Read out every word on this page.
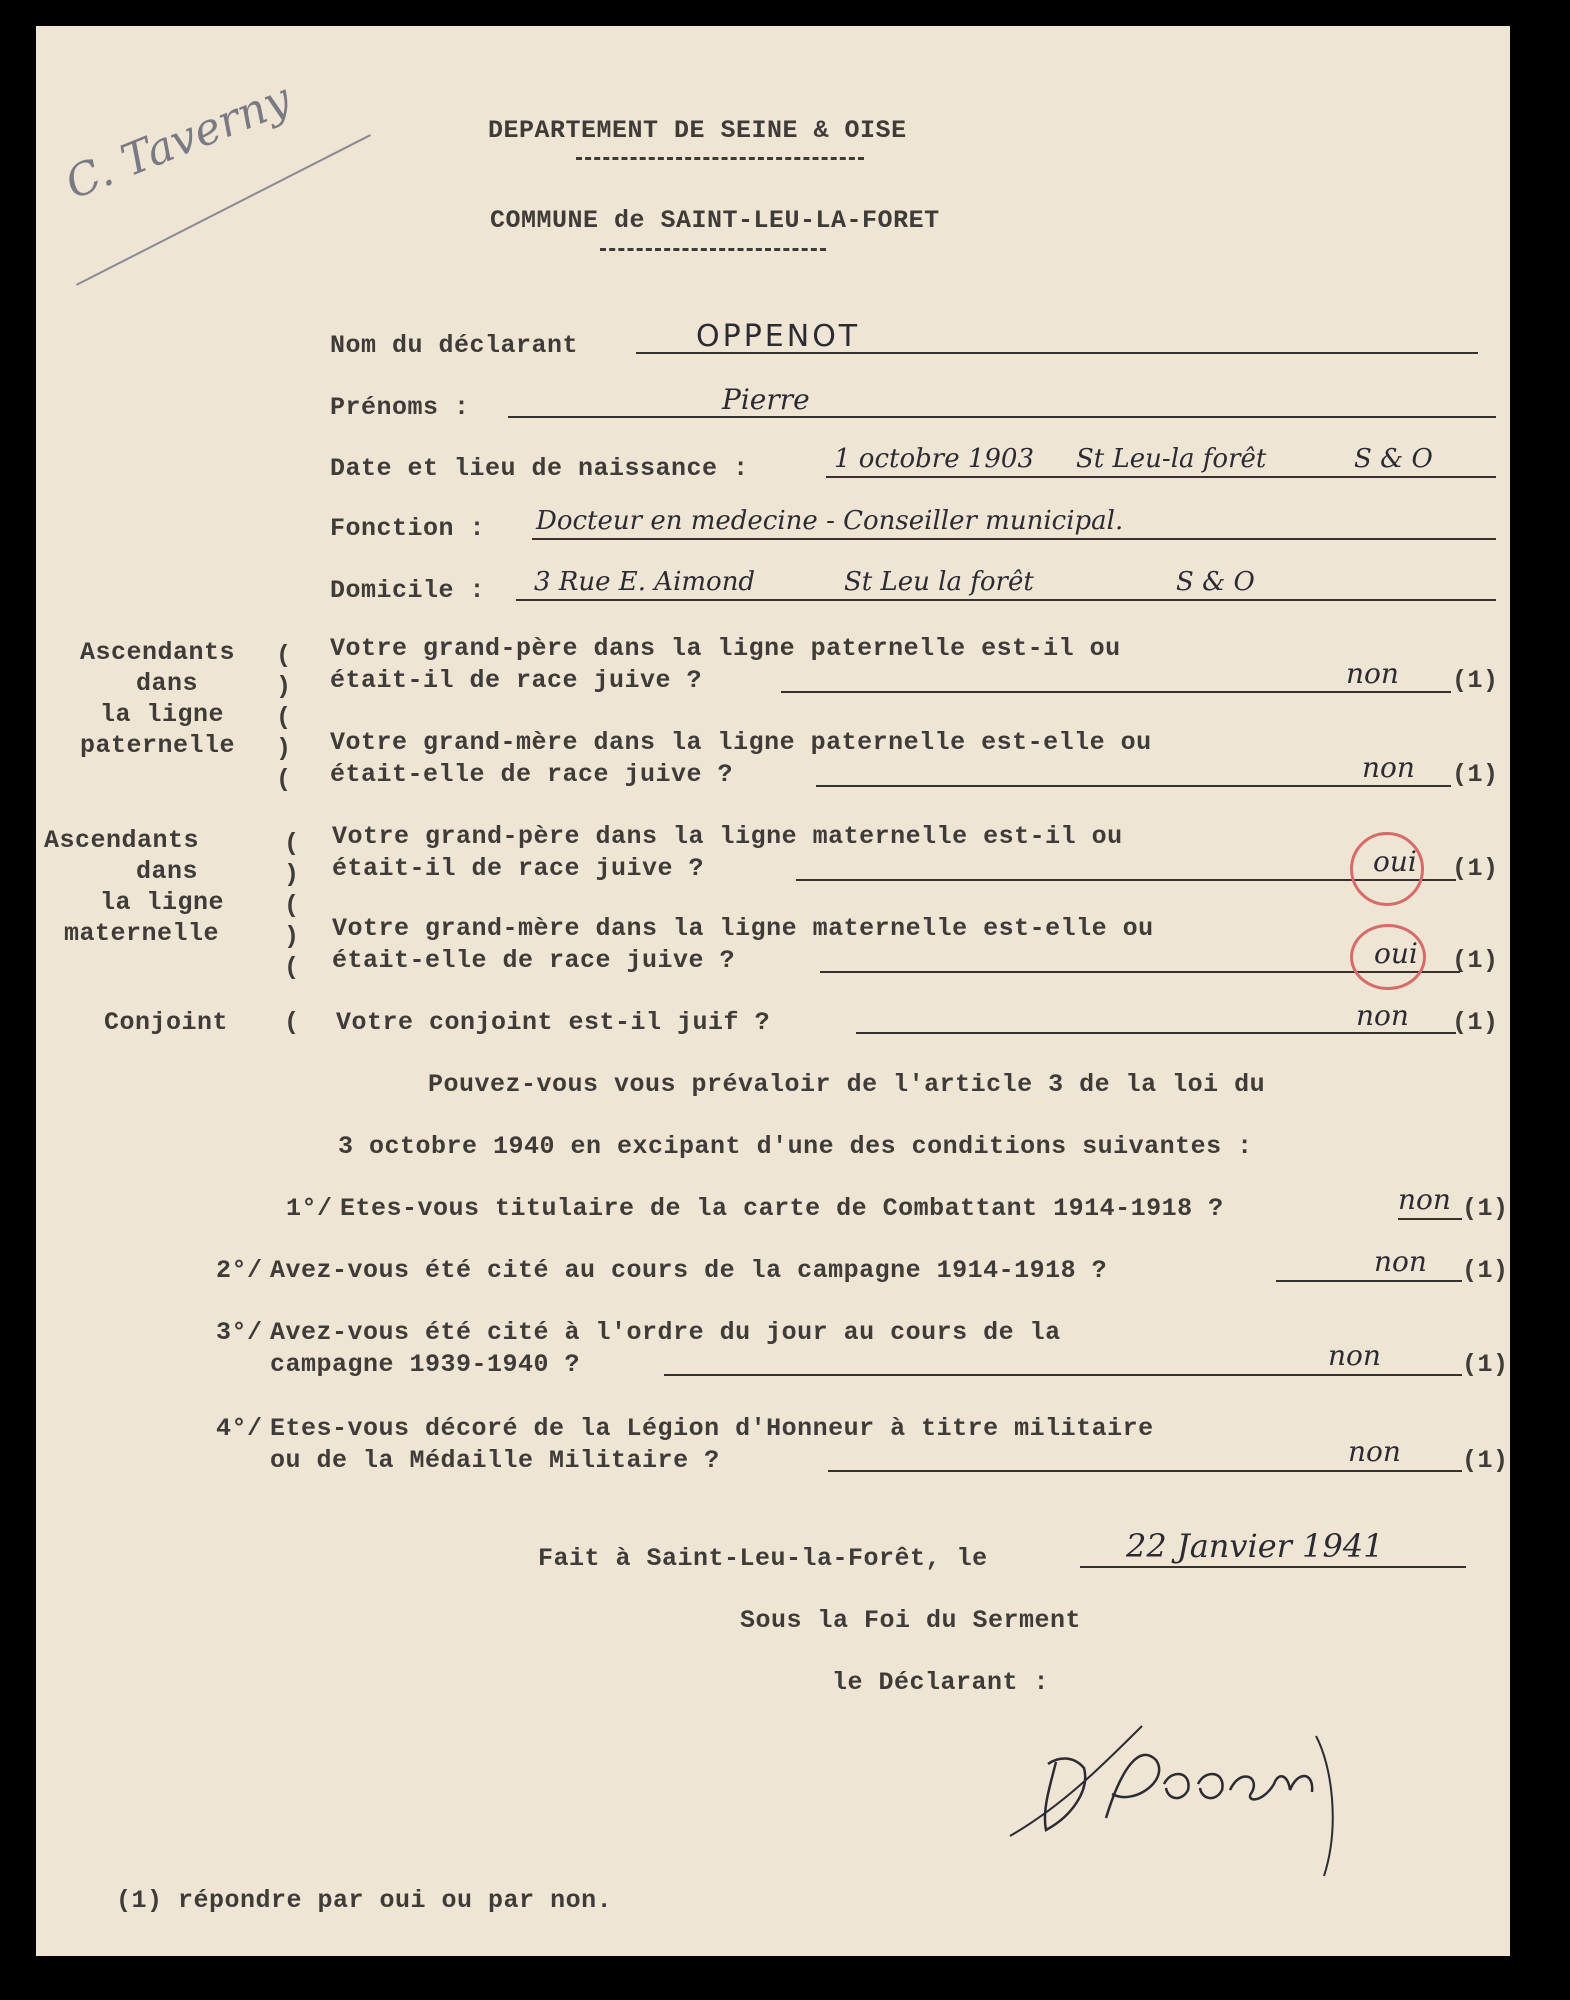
C. Taverny	DEPARTEMENT DE SEINE & OISE
COMMUNE de SAINT-LEU-LA-FORET
Nom du déclarant	OPPENOT
Prénoms :	Pierre
Date et lieu de naissance :	1 octobre 1903 St Leu-la forêt	S & O
Fonction : Docteur en medecine - Conseiller municipal.
Domicile : 3 Rue E. Aimond	St Leu la forêt	S & O
Ascendants
dans
la ligne
paternelle
(
)
(
)
(
Votre grand-père dans la ligne paternelle est-il ou
était-il de race juive ?	non (1)
Votre grand-mère dans la ligne paternelle est-elle ou
était-elle de race juive ?	non (1)
Ascendants
dans
la ligne
maternelle
(
)
(
)
(
Votre grand-père dans la ligne maternelle est-il ou
était-il de race juive ?	oui (1)
Votre grand-mère dans la ligne maternelle est-elle ou
était-elle de race juive ?	oui (1)
Conjoint ( Votre conjoint est-il juif ?	non (1)
Pouvez-vous vous prévaloir de l'article 3 de la loi du
3 octobre 1940 en excipant d'une des conditions suivantes :
1°/ Etes-vous titulaire de la carte de Combattant 1914-1918 ?	non (1)
2°/ Avez-vous été cité au cours de la campagne 1914-1918 ?	non (1)
3°/ Avez-vous été cité à l'ordre du jour au cours de la
campagne 1939-1940 ?	non	(1)
4°/ Etes-vous décoré de la Légion d'Honneur à titre militaire
ou de la Médaille Militaire ?	non (1)
Fait à Saint-Leu-la-Forêt, le	22 Janvier 1941
Sous la Foi du Serment
le Déclarant :
(1) répondre par oui ou par non.
